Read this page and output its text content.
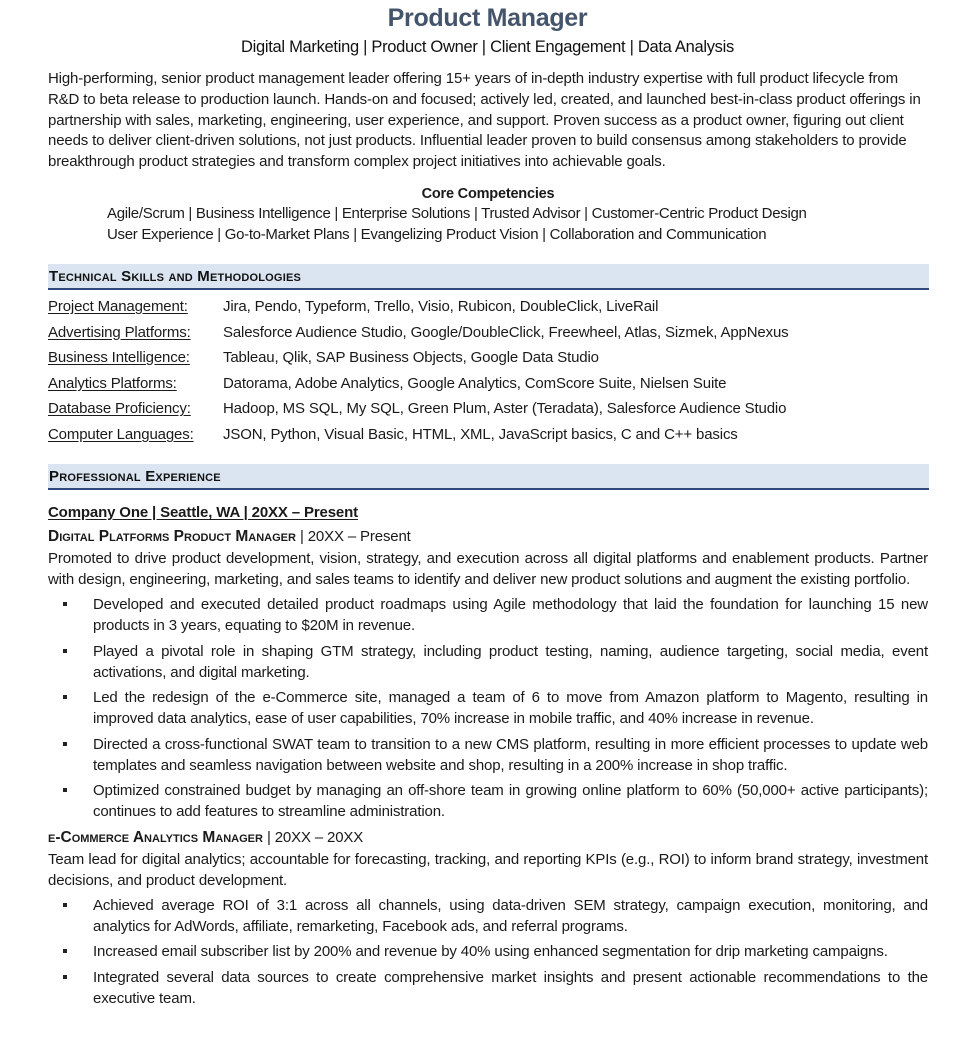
Product Manager
Digital Marketing | Product Owner | Client Engagement | Data Analysis

High-performing, senior product management leader offering 15+ years of in-depth industry expertise with full product lifecycle from R&D to beta release to production launch. Hands-on and focused; actively led, created, and launched best-in-class product offerings in partnership with sales, marketing, engineering, user experience, and support. Proven success as a product owner, figuring out client needs to deliver client-driven solutions, not just products. Influential leader proven to build consensus among stakeholders to provide breakthrough product strategies and transform complex project initiatives into achievable goals.

Core Competencies
Agile/Scrum | Business Intelligence | Enterprise Solutions | Trusted Advisor | Customer-Centric Product Design
User Experience | Go-to-Market Plans | Evangelizing Product Vision | Collaboration and Communication
Technical Skills and Methodologies
Project Management: Jira, Pendo, Typeform, Trello, Visio, Rubicon, DoubleClick, LiveRail
Advertising Platforms: Salesforce Audience Studio, Google/DoubleClick, Freewheel, Atlas, Sizmek, AppNexus
Business Intelligence: Tableau, Qlik, SAP Business Objects, Google Data Studio
Analytics Platforms:	Datorama, Adobe Analytics, Google Analytics, ComScore Suite, Nielsen Suite
Database Proficiency: Hadoop, MS SQL, My SQL, Green Plum, Aster (Teradata), Salesforce Audience Studio
Computer Languages: JSON, Python, Visual Basic, HTML, XML, JavaScript basics, C and C++ basics
Professional Experience
Company One | Seattle, WA | 20XX – Present
Digital Platforms Product Manager | 20XX – Present

Promoted to drive product development, vision, strategy, and execution across all digital platforms and enablement products. Partner with design, engineering, marketing, and sales teams to identify and deliver new product solutions and augment the existing portfolio.

Developed and executed detailed product roadmaps using Agile methodology that laid the foundation for launching 15 new products in 3 years, equating to $20M in revenue.
Played a pivotal role in shaping GTM strategy, including product testing, naming, audience targeting, social media, event activations, and digital marketing.
Led the redesign of the e-Commerce site, managed a team of 6 to move from Amazon platform to Magento, resulting in improved data analytics, ease of user capabilities, 70% increase in mobile traffic, and 40% increase in revenue.
Directed a cross-functional SWAT team to transition to a new CMS platform, resulting in more efficient processes to update web templates and seamless navigation between website and shop, resulting in a 200% increase in shop traffic.
Optimized constrained budget by managing an off-shore team in growing online platform to 60% (50,000+ active participants); continues to add features to streamline administration.
e-Commerce Analytics Manager | 20XX – 20XX

Team lead for digital analytics; accountable for forecasting, tracking, and reporting KPIs (e.g., ROI) to inform brand strategy, investment decisions, and product development.

Achieved average ROI of 3:1 across all channels, using data-driven SEM strategy, campaign execution, monitoring, and analytics for AdWords, affiliate, remarketing, Facebook ads, and referral programs.
Increased email subscriber list by 200% and revenue by 40% using enhanced segmentation for drip marketing campaigns.
Integrated several data sources to create comprehensive market insights and present actionable recommendations to the executive team.
